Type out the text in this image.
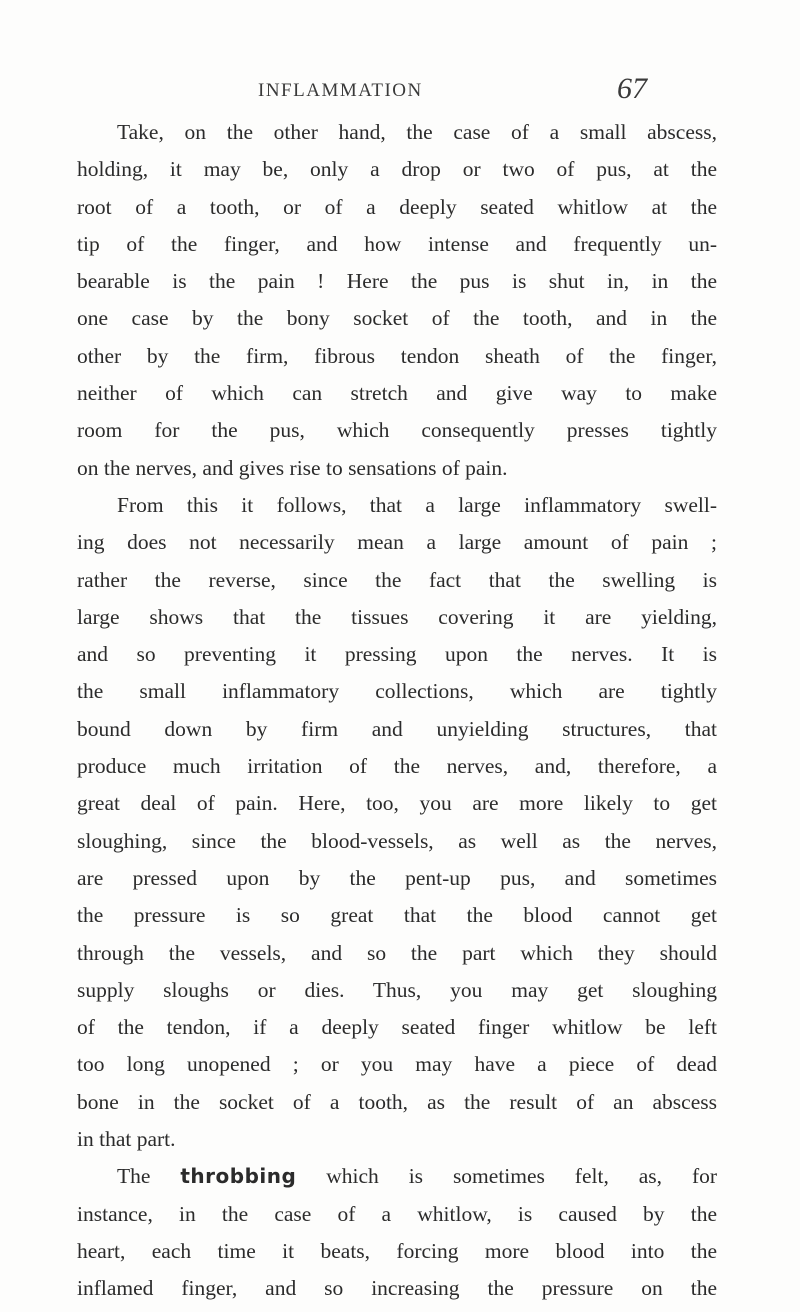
INFLAMMATION	67
Take, on the other hand, the case of a small abscess,
holding, it may be, only a drop or two of pus, at the
root of a tooth, or of a deeply seated whitlow at the
tip of the finger, and how intense and frequently un-
bearable is the pain ! Here the pus is shut in, in the
one case by the bony socket of the tooth, and in the
other by the firm, fibrous tendon sheath of the finger,
neither of which can stretch and give way to make
room for the pus, which consequently presses tightly
on the nerves, and gives rise to sensations of pain.
From this it follows, that a large inflammatory swell-
ing does not necessarily mean a large amount of pain ;
rather the reverse, since the fact that the swelling is
large shows that the tissues covering it are yielding,
and so preventing it pressing upon the nerves. It is
the small inflammatory collections, which are tightly
bound down by firm and unyielding structures, that
produce much irritation of the nerves, and, therefore, a
great deal of pain. Here, too, you are more likely to get
sloughing, since the blood-vessels, as well as the nerves,
are pressed upon by the pent-up pus, and sometimes
the pressure is so great that the blood cannot get
through the vessels, and so the part which they should
supply sloughs or dies. Thus, you may get sloughing
of the tendon, if a deeply seated finger whitlow be left
too long unopened ; or you may have a piece of dead
bone in the socket of a tooth, as the result of an abscess
in that part.
The throbbing which is sometimes felt, as, for
instance, in the case of a whitlow, is caused by the
heart, each time it beats, forcing more blood into the
inflamed finger, and so increasing the pressure on the
